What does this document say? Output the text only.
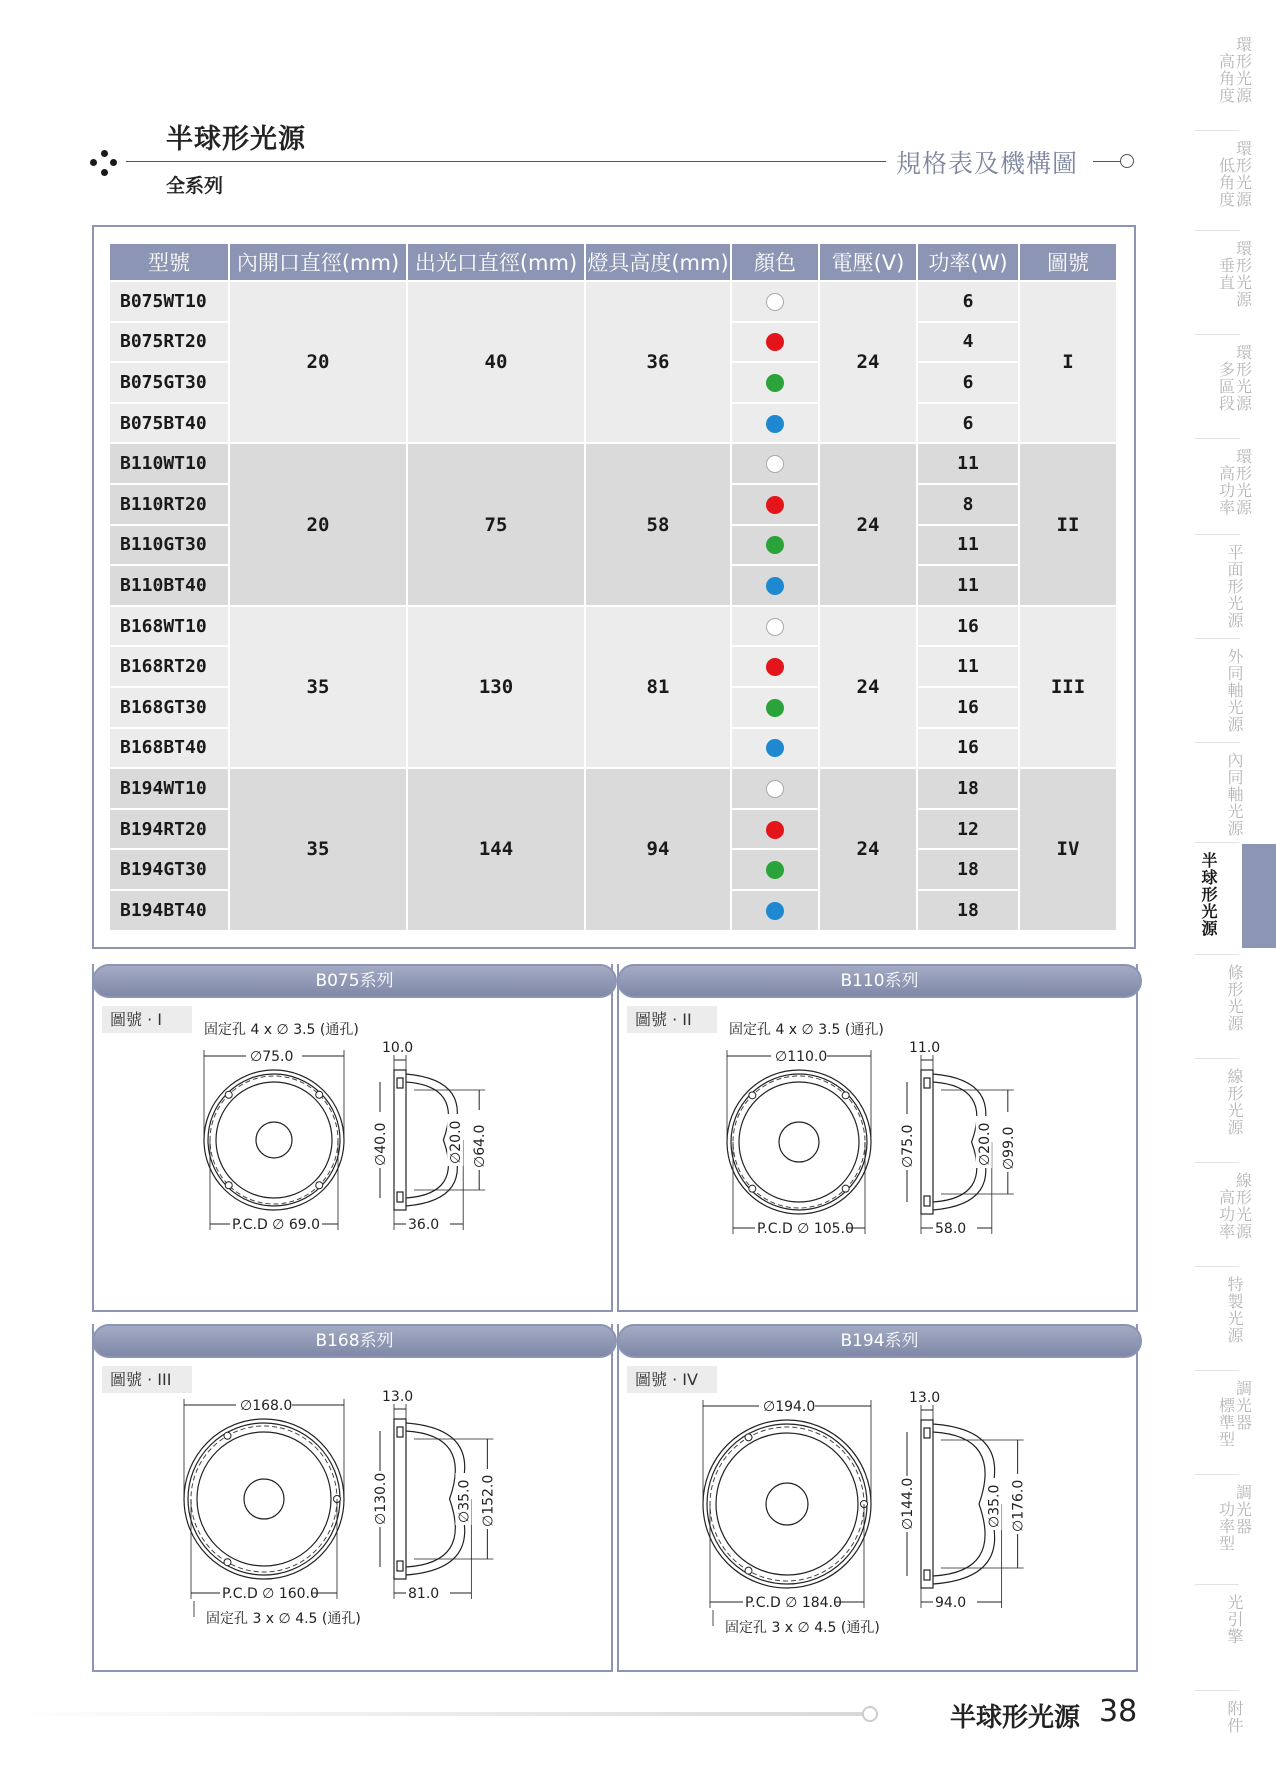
半球形光源
全系列
規格表及機構圖
型號	內開口直徑(mm)	出光口直徑(mm)	燈具高度(mm)	顏色	電壓(V)	功率(W)	圖號
B075WT10	20	40	36		24	6	I
B075RT20						4	
B075GT30						6	
B075BT40						6	
B110WT10	20	75	58		24	11	II
B110RT20						8	
B110GT30						11	
B110BT40						11	
B168WT10	35	130	81		24	16	III
B168RT20						11	
B168GT30						16	
B168BT40						16	
B194WT10	35	144	94		24	18	IV
B194RT20						12	
B194GT30						18	
B194BT40						18	
B075系列
圖號 · I
∅75.0
P.C.D ∅ 69.0
固定孔 4 x ∅ 3.5 (通孔)
10.0
36.0
∅40.0	∅20.0 ∅64.0
B110系列
圖號 · II
∅110.0
P.C.D ∅ 105.0
固定孔 4 x ∅ 3.5 (通孔)
11.0
58.0
∅75.0	∅20.0 ∅99.0
B168系列
圖號 · III
∅168.0
P.C.D ∅ 160.0
固定孔 3 x ∅ 4.5 (通孔)
13.0
81.0
∅130.0	∅35.0 ∅152.0
B194系列
圖號 · IV
∅194.0
P.C.D ∅ 184.0
固定孔 3 x ∅ 4.5 (通孔)
13.0
94.0
∅144.0	∅35.0 ∅176.0
高角度環形光源
低角度環形光源
垂直環形光源
多區段環形光源
高功率環形光源
平面形光源
外同軸光源
內同軸光源
半球形光源
條形光源
線形光源
高功率線形光源
特製光源
標準型調光器
功率型調光器
光引擎
附件
半球形光源 38
